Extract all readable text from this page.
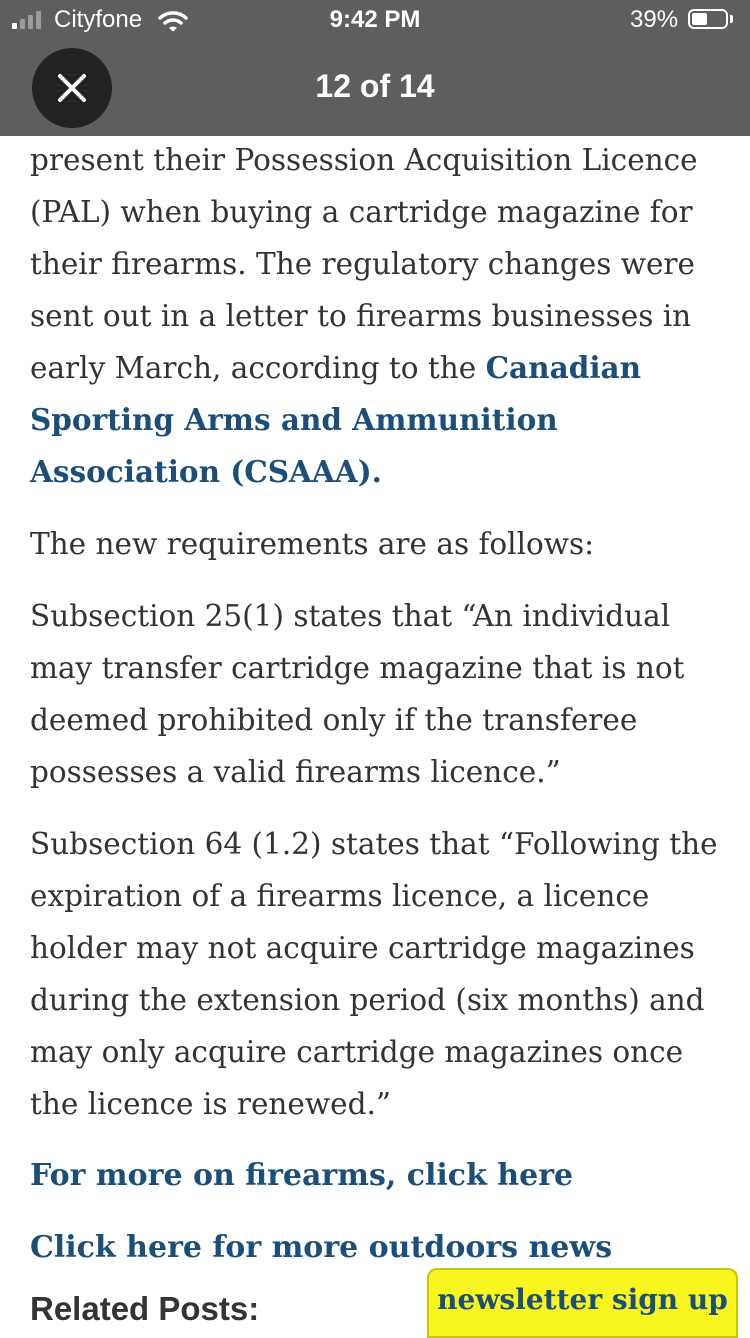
Cityfone	9:42 PM	39%
12 of 14

present their Possession Acquisition Licence (PAL) when buying a cartridge magazine for their firearms. The regulatory changes were sent out in a letter to firearms businesses in early March, according to the Canadian Sporting Arms and Ammunition Association (CSAAA).

The new requirements are as follows:

Subsection 25(1) states that “An individual may transfer cartridge magazine that is not deemed prohibited only if the transferee possesses a valid firearms licence.”

Subsection 64 (1.2) states that “Following the expiration of a firearms licence, a licence holder may not acquire cartridge magazines during the extension period (six months) and may only acquire cartridge magazines once the licence is renewed.”

For more on firearms, click here

Click here for more outdoors news

Related Posts:	newsletter sign up
